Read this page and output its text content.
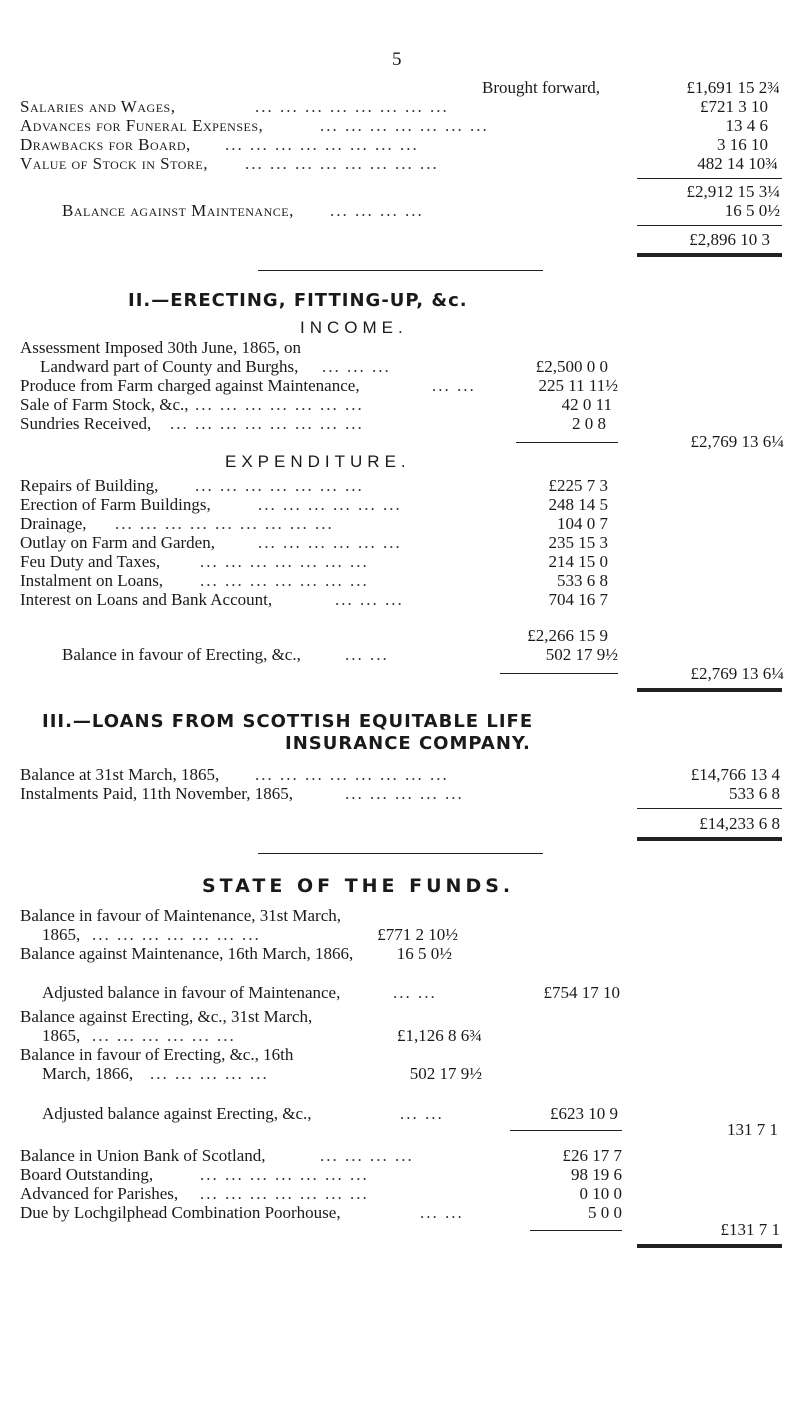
5
Brought forward,	£1,691 15 2¾
Salaries and Wages,	... ... ... ... ... ... ... ...	£721 3 10
Advances for Funeral Expenses,	... ... ... ... ... ... ...	13 4 6
Drawbacks for Board, ... ... ... ... ... ... ... ...	3 16 10
Value of Stock in Store, ... ... ... ... ... ... ... ...	482 14 10¾
£2,912 15 3¼
Balance against Maintenance, ... ... ... ...	16 5 0½
£2,896 10 3
II.—ERECTING, FITTING-UP, &c.
INCOME.
Assessment Imposed 30th June, 1865, on
Landward part of County and Burghs, ... ... ...	£2,500 0 0
Produce from Farm charged against Maintenance,	... ...	225 11 11½
Sale of Farm Stock, &c., ... ... ... ... ... ... ...	42 0 11
Sundries Received, ... ... ... ... ... ... ... ...	2 0 8
£2,769 13 6¼
EXPENDITURE.
Repairs of Building, ... ... ... ... ... ... ...	£225 7 3
Erection of Farm Buildings,	... ... ... ... ... ...	248 14 5
Drainage, ... ... ... ... ... ... ... ... ...	104 0 7
Outlay on Farm and Garden,	... ... ... ... ... ...	235 15 3
Feu Duty and Taxes, ... ... ... ... ... ... ...	214 15 0
Instalment on Loans, ... ... ... ... ... ... ...	533 6 8
Interest on Loans and Bank Account,	... ... ...	704 16 7
£2,266 15 9
Balance in favour of Erecting, &c.,	... ...	502 17 9½
£2,769 13 6¼
III.—LOANS FROM SCOTTISH EQUITABLE LIFE
INSURANCE COMPANY.
Balance at 31st March, 1865, ... ... ... ... ... ... ... ...	£14,766 13 4
Instalments Paid, 11th November, 1865,	... ... ... ... ...	533 6 8
£14,233 6 8
STATE OF THE FUNDS.
Balance in favour of Maintenance, 31st March,
1865, ... ... ... ... ... ... ...	£771 2 10½
Balance against Maintenance, 16th March, 1866,	16 5 0½
Adjusted balance in favour of Maintenance,	... ...	£754 17 10
Balance against Erecting, &c., 31st March,
1865, ... ... ... ... ... ...	£1,126 8 6¾
Balance in favour of Erecting, &c., 16th
March, 1866, ... ... ... ... ...	502 17 9½
Adjusted balance against Erecting, &c.,	... ...	£623 10 9
131 7 1
Balance in Union Bank of Scotland,	... ... ... ...	£26 17 7
Board Outstanding,	... ... ... ... ... ... ...	98 19 6
Advanced for Parishes, ... ... ... ... ... ... ...	0 10 0
Due by Lochgilphead Combination Poorhouse,	... ...	5 0 0
£131 7 1
